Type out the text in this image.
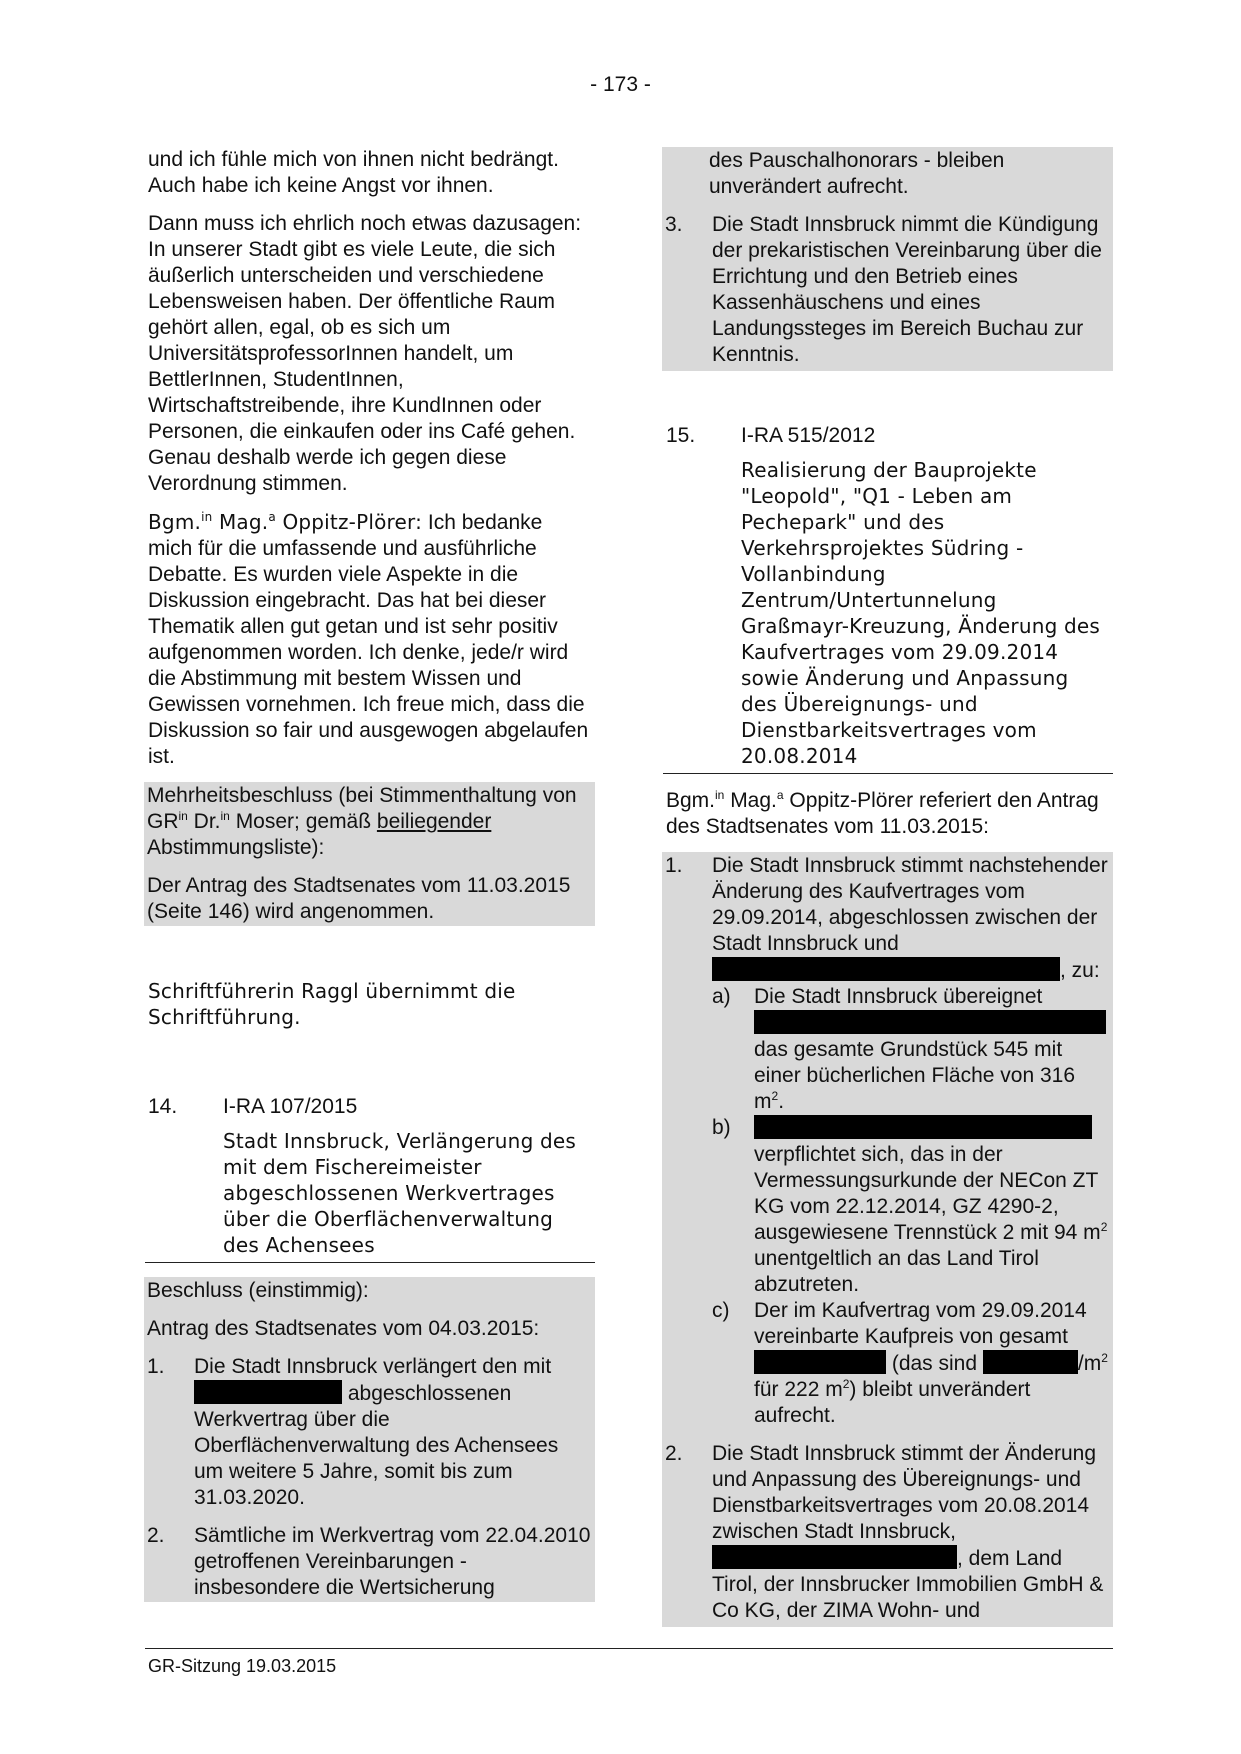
- 173 -

und ich fühle mich von ihnen nicht bedrängt. Auch habe ich keine Angst vor ihnen.

Dann muss ich ehrlich noch etwas dazusagen: In unserer Stadt gibt es viele Leute, die sich äußerlich unterscheiden und verschiedene Lebensweisen haben. Der öffentliche Raum gehört allen, egal, ob es sich um UniversitätsprofessorInnen handelt, um BettlerInnen, StudentInnen, Wirtschaftstreibende, ihre KundInnen oder Personen, die einkaufen oder ins Café gehen. Genau deshalb werde ich gegen diese Verordnung stimmen.

Bgm.$^{in}$ Mag.$^a$ Oppitz-Plörer: Ich bedanke mich für die umfassende und ausführliche Debatte. Es wurden viele Aspekte in die Diskussion eingebracht. Das hat bei dieser Thematik allen gut getan und ist sehr positiv aufgenommen worden. Ich denke, jede/r wird die Abstimmung mit bestem Wissen und Gewissen vornehmen. Ich freue mich, dass die Diskussion so fair und ausgewogen abgelaufen ist.

Mehrheitsbeschluss (bei Stimmenthaltung von $GR^{in}$ Dr.$^{in}$ Moser; gemäß beiliegender Abstimmungsliste):

Der Antrag des Stadtsenates vom 11.03.2015 (Seite 146) wird angenommen.

Schriftführerin Raggl übernimmt die Schriftführung.

14.	I-RA 107/2015
Stadt Innsbruck, Verlängerung des mit dem Fischereimeister abgeschlossenen Werkvertrages über die Oberflächenverwaltung des Achensees

Beschluss (einstimmig):

Antrag des Stadtsenates vom 04.03.2015:

1.	Die Stadt Innsbruck verlängert den mit
abgeschlossenen Werkvertrag über die Oberflächenverwaltung des Achensees um weitere 5 Jahre, somit bis zum 31.03.2020.
2.	Sämtliche im Werkvertrag vom 22.04.2010 getroffenen Vereinbarungen - insbesondere die Wertsicherung

des Pauschalhonorars - bleiben unverändert aufrecht.

3.	Die Stadt Innsbruck nimmt die Kündigung der prekaristischen Vereinbarung über die Errichtung und den Betrieb eines Kassenhäuschens und eines Landungssteges im Bereich Buchau zur Kenntnis.
15.	I-RA 515/2012
Realisierung der Bauprojekte "Leopold", "Q1 - Leben am Pechepark" und des Verkehrsprojektes Südring - Vollanbindung Zentrum/Untertunnelung Graßmayr-Kreuzung, Änderung des Kaufvertrages vom 29.09.2014 sowie Änderung und Anpassung des Übereignungs- und Dienstbarkeitsvertrages vom 20.08.2014

Bgm.$^{in}$ Mag.$^a$ Oppitz-Plörer referiert den Antrag des Stadtsenates vom 11.03.2015:

1.	Die Stadt Innsbruck stimmt nachstehender Änderung des Kaufvertrages vom 29.09.2014, abgeschlossen zwischen der Stadt Innsbruck und
, zu:
a)	Die Stadt Innsbruck übereignet

das gesamte Grundstück 545 mit einer bücherlichen Fläche von 316 $m^2$.
b)

verpflichtet sich, das in der Vermessungsurkunde der NECon ZT KG vom 22.12.2014, GZ 4290-2, ausgewiesene Trennstück 2 mit 94 $m^2$ unentgeltlich an das Land Tirol abzutreten.
c)	Der im Kaufvertrag vom 29.09.2014 vereinbarte Kaufpreis von gesamt  (das sind	$/m^2$ für 222 $m^2$) bleibt unverändert aufrecht.
2.	Die Stadt Innsbruck stimmt der Änderung und Anpassung des Übereignungs- und Dienstbarkeitsvertrages vom 20.08.2014 zwischen Stadt Innsbruck, , dem Land Tirol, der Innsbrucker Immobilien GmbH & Co KG, der ZIMA Wohn- und
GR-Sitzung 19.03.2015
